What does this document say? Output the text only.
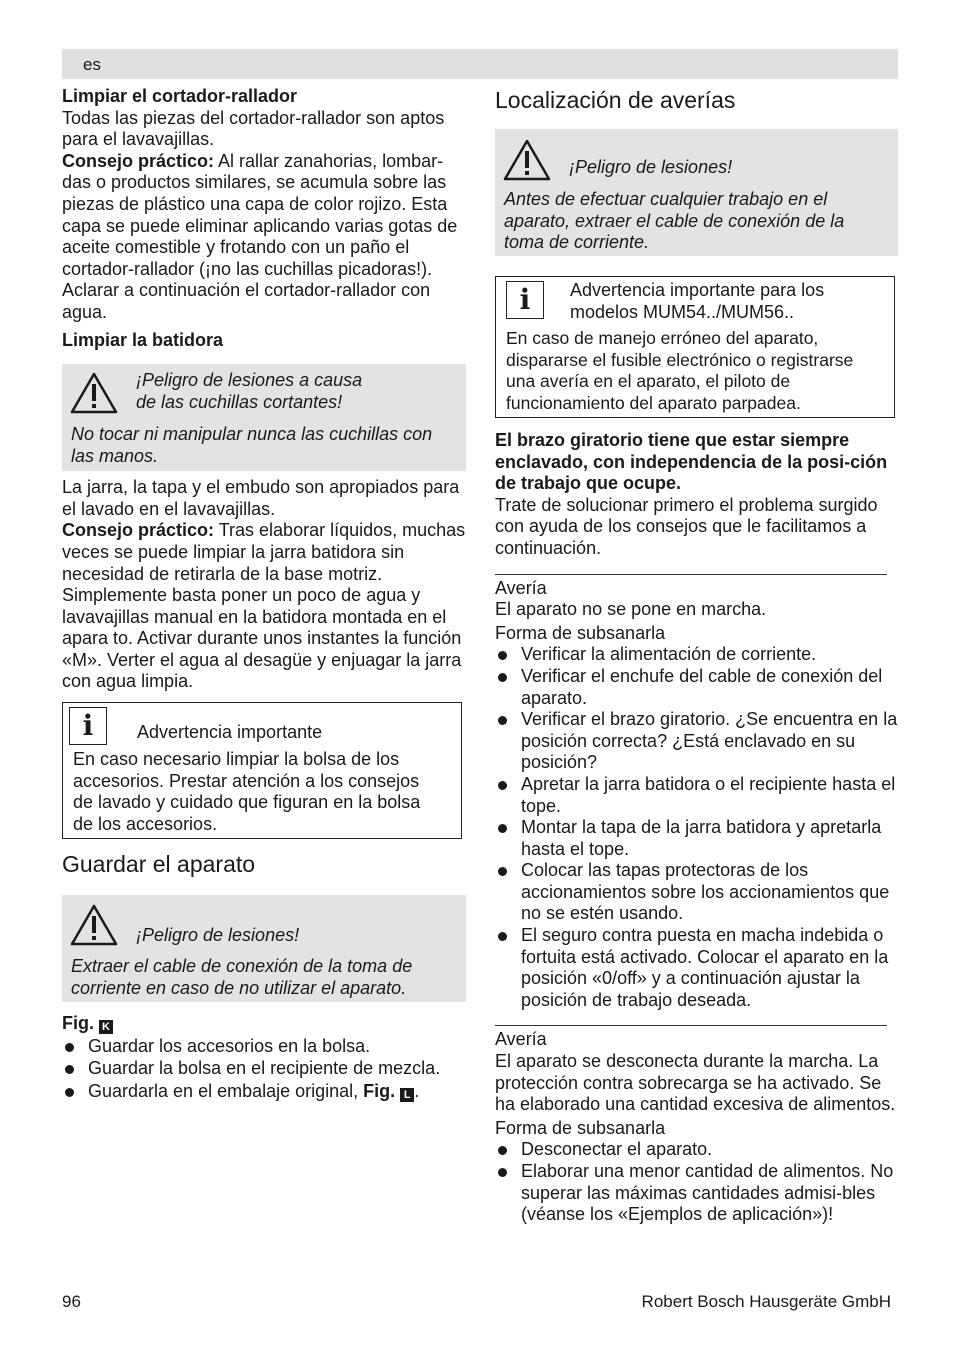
es

Limpiar el cortador-rallador

Todas las piezas del cortador-rallador son aptos para el lavavajillas.

Consejo práctico: Al rallar zanahorias, lombar-das o productos similares, se acumula sobre las piezas de plástico una capa de color rojizo. Esta capa se puede eliminar aplicando varias gotas de aceite comestible y frotando con un paño el cortador-rallador (¡no las cuchillas picadoras!). Aclarar a continuación el cortador-rallador con agua.

Limpiar la batidora

¡Peligro de lesiones a causa
de las cuchillas cortantes!
No tocar ni manipular nunca las cuchillas con las manos.

La jarra, la tapa y el embudo son apropiados para el lavado en el lavavajillas.

Consejo práctico: Tras elaborar líquidos, muchas veces se puede limpiar la jarra batidora sin necesidad de retirarla de la base motriz. Simplemente basta poner un poco de agua y lavavajillas manual en la batidora montada en el apara to. Activar durante unos instantes la función «M». Verter el agua al desagüe y enjuagar la jarra con agua limpia.

i	Advertencia importante
En caso necesario limpiar la bolsa de los accesorios. Prestar atención a los consejos de lavado y cuidado que figuran en la bolsa de los accesorios.
Guardar el aparato
¡Peligro de lesiones!
Extraer el cable de conexión de la toma de corriente en caso de no utilizar el aparato.

Fig. K

Guardar los accesorios en la bolsa.
Guardar la bolsa en el recipiente de mezcla.
Guardarla en el embalaje original, Fig. L .
Localización de averías
¡Peligro de lesiones!
Antes de efectuar cualquier trabajo en el aparato, extraer el cable de conexión de la toma de corriente.
i	Advertencia importante para los modelos MUM54../MUM56..
En caso de manejo erróneo del aparato, dispararse el fusible electrónico o registrarse una avería en el aparato, el piloto de funcionamiento del aparato parpadea.

El brazo giratorio tiene que estar siempre enclavado, con independencia de la posi-ción de trabajo que ocupe.

Trate de solucionar primero el problema surgido con ayuda de los consejos que le facilitamos a continuación.

Avería

El aparato no se pone en marcha.

Forma de subsanarla

Verificar la alimentación de corriente.
Verificar el enchufe del cable de conexión del aparato.
Verificar el brazo giratorio. ¿Se encuentra en la posición correcta? ¿Está enclavado en su posición?
Apretar la jarra batidora o el recipiente hasta el tope.
Montar la tapa de la jarra batidora y apretarla hasta el tope.
Colocar las tapas protectoras de los accionamientos sobre los accionamientos que no se estén usando.
El seguro contra puesta en macha indebida o fortuita está activado. Colocar el aparato en la posición «0/off» y a continuación ajustar la posición de trabajo deseada.

Avería

El aparato se desconecta durante la marcha. La protección contra sobrecarga se ha activado. Se ha elaborado una cantidad excesiva de alimentos.

Forma de subsanarla

Desconectar el aparato.
Elaborar una menor cantidad de alimentos. No superar las máximas cantidades admisi-bles (véanse los «Ejemplos de aplicación»)!
96	Robert Bosch Hausgeräte GmbH
